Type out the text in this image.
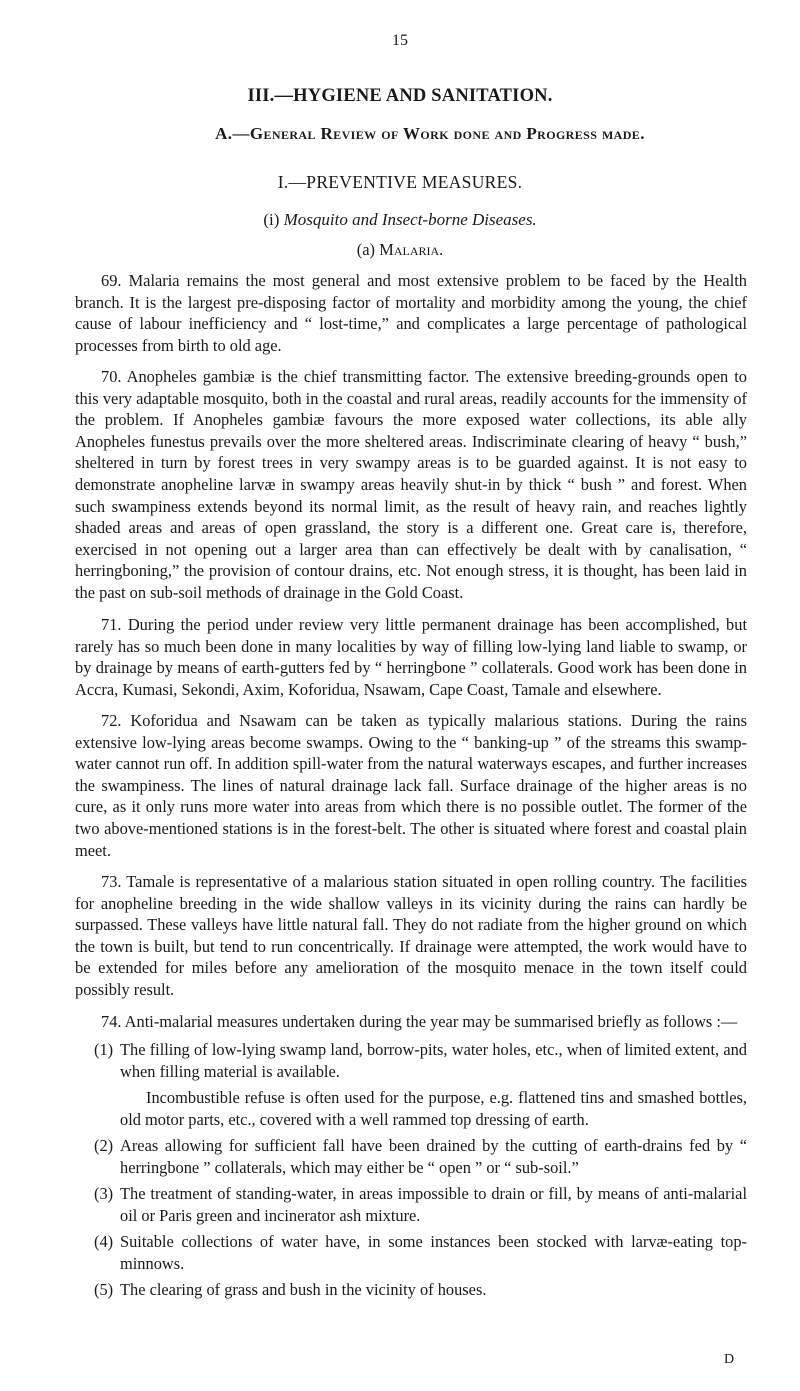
15
III.—HYGIENE AND SANITATION.
A.—General Review of Work done and Progress made.
I.—PREVENTIVE MEASURES.
(i) Mosquito and Insect-borne Diseases.
(a) Malaria.

69. Malaria remains the most general and most extensive problem to be faced by the Health branch. It is the largest pre-disposing factor of mortality and morbidity among the young, the chief cause of labour inefficiency and “ lost-time,” and complicates a large percentage of pathological processes from birth to old age.

70. Anopheles gambiæ is the chief transmitting factor. The extensive breeding-grounds open to this very adaptable mosquito, both in the coastal and rural areas, readily accounts for the immensity of the problem. If Anopheles gambiæ favours the more exposed water collections, its able ally Anopheles funestus prevails over the more sheltered areas. Indiscriminate clearing of heavy “ bush,” sheltered in turn by forest trees in very swampy areas is to be guarded against. It is not easy to demonstrate anopheline larvæ in swampy areas heavily shut-in by thick “ bush ” and forest. When such swampiness extends beyond its normal limit, as the result of heavy rain, and reaches lightly shaded areas and areas of open grassland, the story is a different one. Great care is, therefore, exercised in not opening out a larger area than can effectively be dealt with by canalisation, “ herringboning,” the provision of contour drains, etc. Not enough stress, it is thought, has been laid in the past on sub-soil methods of drainage in the Gold Coast.

71. During the period under review very little permanent drainage has been accomplished, but rarely has so much been done in many localities by way of filling low-lying land liable to swamp, or by drainage by means of earth-gutters fed by “ herringbone ” collaterals. Good work has been done in Accra, Kumasi, Sekondi, Axim, Koforidua, Nsawam, Cape Coast, Tamale and elsewhere.

72. Koforidua and Nsawam can be taken as typically malarious stations. During the rains extensive low-lying areas become swamps. Owing to the “ banking-up ” of the streams this swamp-water cannot run off. In addition spill-water from the natural waterways escapes, and further increases the swampiness. The lines of natural drainage lack fall. Surface drainage of the higher areas is no cure, as it only runs more water into areas from which there is no possible outlet. The former of the two above-mentioned stations is in the forest-belt. The other is situated where forest and coastal plain meet.

73. Tamale is representative of a malarious station situated in open rolling country. The facilities for anopheline breeding in the wide shallow valleys in its vicinity during the rains can hardly be surpassed. These valleys have little natural fall. They do not radiate from the higher ground on which the town is built, but tend to run concentrically. If drainage were attempted, the work would have to be extended for miles before any amelioration of the mosquito menace in the town itself could possibly result.

74. Anti-malarial measures undertaken during the year may be summarised briefly as follows :—

(1) The filling of low-lying swamp land, borrow-pits, water holes, etc., when of limited extent, and when filling material is available.

Incombustible refuse is often used for the purpose, e.g. flattened tins and smashed bottles, old motor parts, etc., covered with a well rammed top dressing of earth.

(2) Areas allowing for sufficient fall have been drained by the cutting of earth-drains fed by “ herringbone ” collaterals, which may either be “ open ” or “ sub-soil.”

D

(3) The treatment of standing-water, in areas impossible to drain or fill, by means of anti-malarial oil or Paris green and incinerator ash mixture.

(4) Suitable collections of water have, in some instances been stocked with larvæ-eating top-minnows.

(5) The clearing of grass and bush in the vicinity of houses.
